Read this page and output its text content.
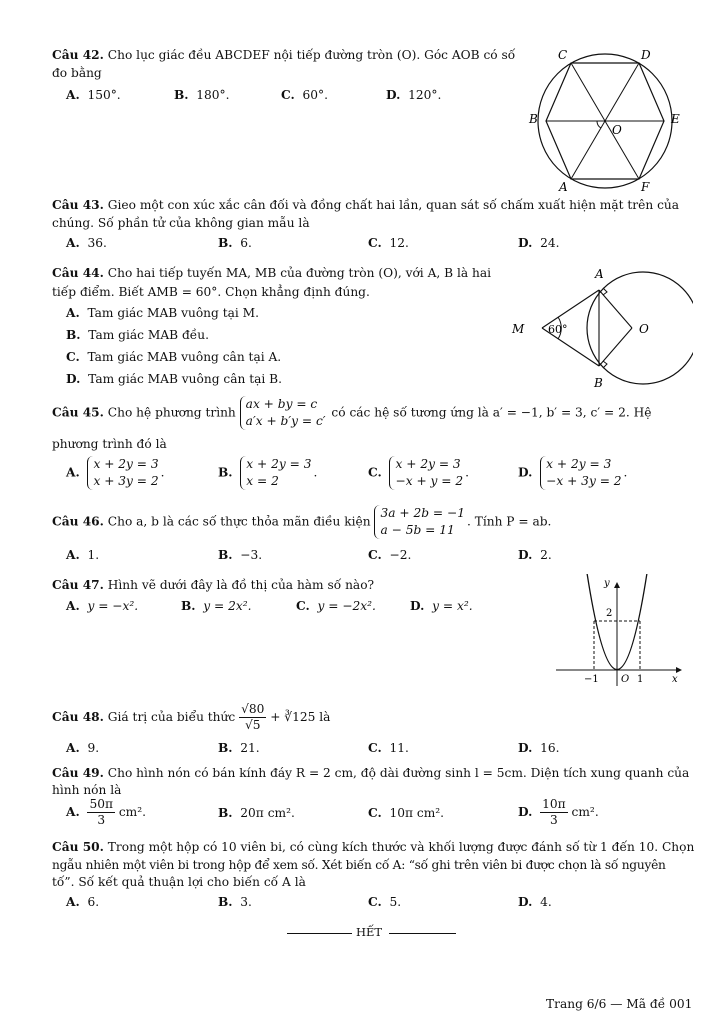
Câu 42. Cho lục giác đều ABCDEF nội tiếp đường tròn (O). Góc AOB có số
đo bằng
A. 150°.	B. 180°.	C. 60°.	D. 120°.
C	D
B	E
A	F
O
Câu 43. Gieo một con xúc xắc cân đối và đồng chất hai lần, quan sát số chấm xuất hiện mặt trên của
chúng. Số phần tử của không gian mẫu là
A. 36.	B. 6.	C. 12.	D. 24.
Câu 44. Cho hai tiếp tuyến MA, MB của đường tròn (O), với A, B là hai
tiếp điểm. Biết AMB = 60°. Chọn khẳng định đúng.
A. Tam giác MAB vuông tại M.
B. Tam giác MAB đều.
C. Tam giác MAB vuông cân tại A.
D. Tam giác MAB vuông cân tại B.
A
M	O
B
60°
Câu 45. Cho hệ phương trình ax + by = c
a′x + b′y = c′ có các hệ số tương ứng là a′ = −1, b′ = 3, c′ = 2. Hệ
phương trình đó là
A.  x + 2y = 3
x + 3y = 2.	B.  x + 2y = 3
x = 2.	C.  x + 2y = 3
−x + y = 2.	D.  x + 2y = 3
−x + 3y = 2.
Câu 46. Cho a, b là các số thực thỏa mãn điều kiện 3a + 2b = −1
a − 5b = 11. Tính P = ab.
A. 1.	B. −3.	C. −2.	D. 2.
Câu 47. Hình vẽ dưới đây là đồ thị của hàm số nào?
A. y = −x².	B. y = 2x².	C. y = −2x².	D. y = x².
y
x
2
−1 O 1
Câu 48. Giá trị của biểu thức $\frac{√80}{√5}$ + ∛125 là
A. 9.	B. 21.	C. 11.	D. 16.
Câu 49. Cho hình nón có bán kính đáy R = 2 cm, độ dài đường sinh l = 5cm. Diện tích xung quanh của
hình nón là
A. $\frac{50\pi}{3} cm^2$.	B. 20π cm².	C. 10π cm².	D. $\frac{10\pi}{3} cm^2$.
Câu 50. Trong một hộp có 10 viên bi, có cùng kích thước và khối lượng được đánh số từ 1 đến 10. Chọn
ngẫu nhiên một viên bi trong hộp để xem số. Xét biến cố A: “số ghi trên viên bi được chọn là số nguyên
tố”. Số kết quả thuận lợi cho biến cố A là
A. 6.	B. 3.	C. 5.	D. 4.
HẾT
Trang 6/6 — Mã đề 001
